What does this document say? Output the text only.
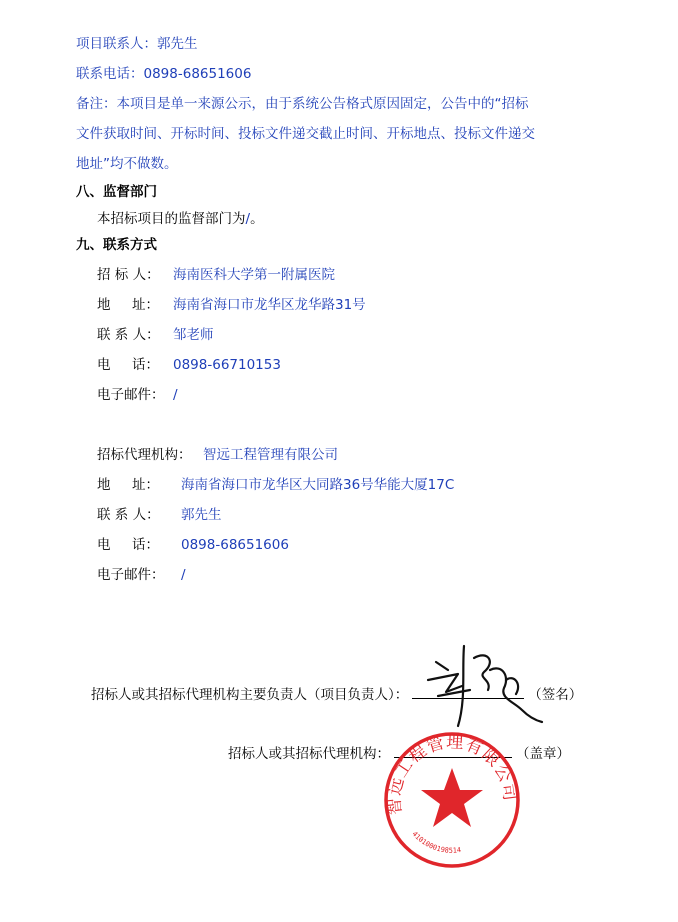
项目联系人：郭先生
联系电话：0898-68651606
备注：本项目是单一来源公示，由于系统公告格式原因固定，公告中的“招标
文件获取时间、开标时间、投标文件递交截止时间、开标地点、投标文件递交
地址”均不做数。
八、监督部门
本招标项目的监督部门为/。
九、联系方式
招 标 人： 海南医科大学第一附属医院
地     址： 海南省海口市龙华区龙华路31号
联 系 人： 邹老师
电     话： 0898-66710153
电子邮件： /
招标代理机构： 智远工程管理有限公司
地     址： 海南省海口市龙华区大同路36号华能大厦17C
联 系 人： 郭先生
电     话： 0898-68651606
电子邮件： /
招标人或其招标代理机构主要负责人（项目负责人）：	（签名）
招标人或其招标代理机构：	（盖章）
智远工程管理有限公司
4101000198514
